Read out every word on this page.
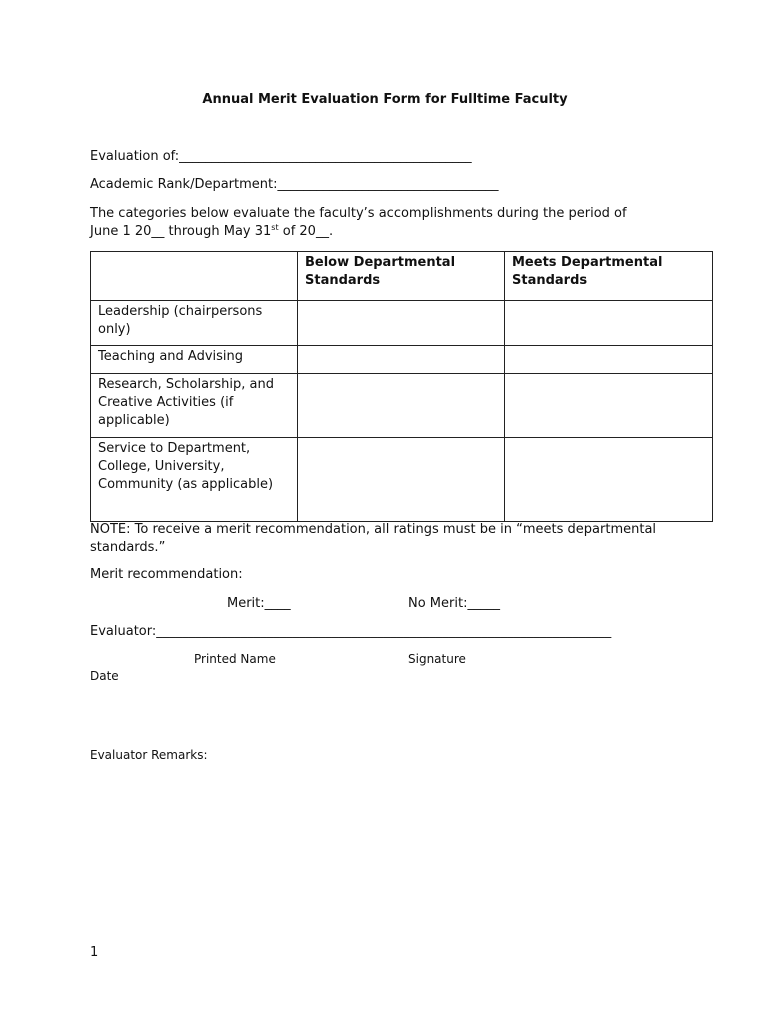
Annual Merit Evaluation Form for Fulltime Faculty
Evaluation of:_____________________________________________
Academic Rank/Department:__________________________________
The categories below evaluate the faculty’s accomplishments during the period of
June 1 20__ through May 31st of 20__.
	Below Departmental Standards	Meets Departmental Standards
Leadership (chairpersons only)		
Teaching and Advising		
Research, Scholarship, and Creative Activities (if applicable)		
Service to Department, College, University, Community (as applicable)		
NOTE: To receive a merit recommendation, all ratings must be in “meets departmental standards.”
Merit recommendation:
Merit:____	No Merit:_____
Evaluator:______________________________________________________________________
Printed Name	Signature
Date
Evaluator Remarks:
1
